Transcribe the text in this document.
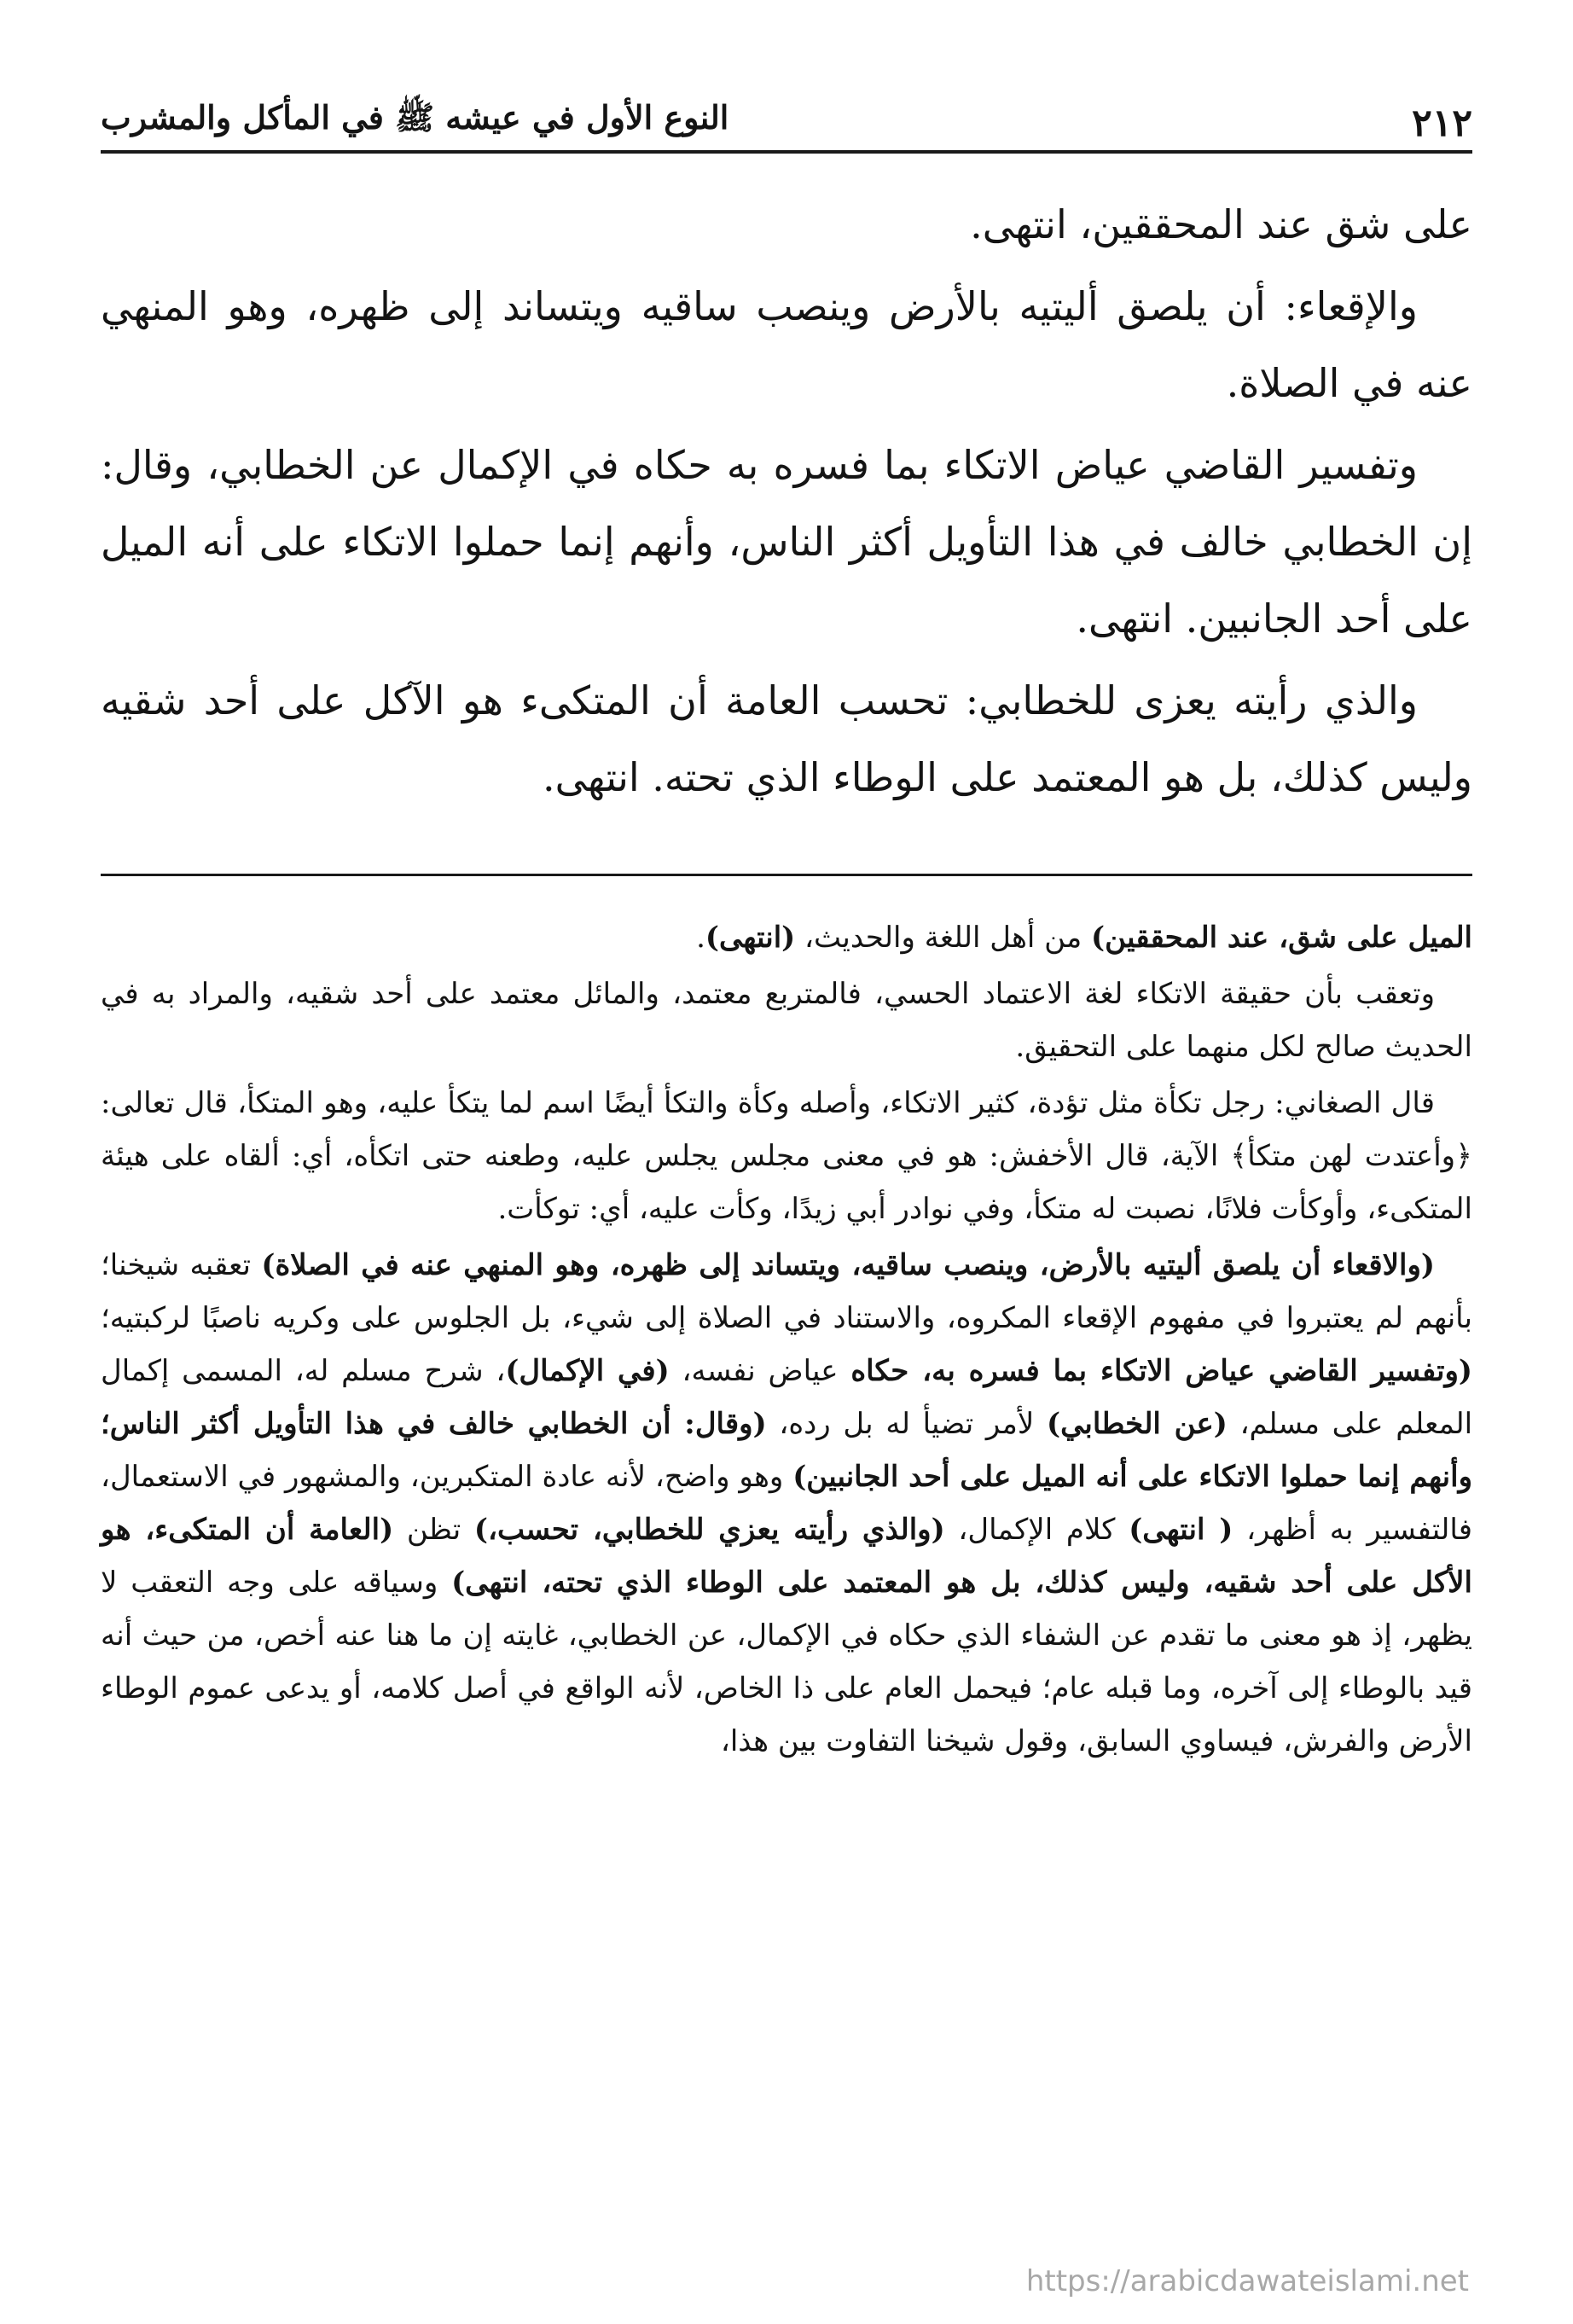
٢١٢
النوع الأول في عيشه ﷺ في المأكل والمشرب

على شق عند المحققين، انتهى.

والإقعاء: أن يلصق أليتيه بالأرض وينصب ساقيه ويتساند إلى ظهره، وهو المنهي عنه في الصلاة.

وتفسير القاضي عياض الاتكاء بما فسره به حكاه في الإكمال عن الخطابي، وقال: إن الخطابي خالف في هذا التأويل أكثر الناس، وأنهم إنما حملوا الاتكاء على أنه الميل على أحد الجانبين. انتهى.

والذي رأيته يعزى للخطابي: تحسب العامة أن المتكىء هو الآكل على أحد شقيه وليس كذلك، بل هو المعتمد على الوطاء الذي تحته. انتهى.

الميل على شق، عند المحققين) من أهل اللغة والحديث، (انتهى).

وتعقب بأن حقيقة الاتكاء لغة الاعتماد الحسي، فالمتربع معتمد، والمائل معتمد على أحد شقيه، والمراد به في الحديث صالح لكل منهما على التحقيق.

قال الصغاني: رجل تكأة مثل تؤدة، كثير الاتكاء، وأصله وكأة والتكأ أيضًا اسم لما يتكأ عليه، وهو المتكأ، قال تعالى: ﴿وأعتدت لهن متكأ﴾ الآية، قال الأخفش: هو في معنى مجلس يجلس عليه، وطعنه حتى اتكأه، أي: ألقاه على هيئة المتكىء، وأوكأت فلانًا، نصبت له متكأ، وفي نوادر أبي زيدًا، وكأت عليه، أي: توكأت.

(والاقعاء أن يلصق أليتيه بالأرض، وينصب ساقيه، ويتساند إلى ظهره، وهو المنهي عنه في الصلاة) تعقبه شيخنا؛ بأنهم لم يعتبروا في مفهوم الإقعاء المكروه، والاستناد في الصلاة إلى شيء، بل الجلوس على وكريه ناصبًا لركبتيه؛ (وتفسير القاضي عياض الاتكاء بما فسره به، حكاه عياض نفسه، (في الإكمال)، شرح مسلم له، المسمى إكمال المعلم على مسلم، (عن الخطابي) لأمر تضيأ له بل رده، (وقال: أن الخطابي خالف في هذا التأويل أكثر الناس؛ وأنهم إنما حملوا الاتكاء على أنه الميل على أحد الجانبين) وهو واضح، لأنه عادة المتكبرين، والمشهور في الاستعمال، فالتفسير به أظهر، ( انتهى) كلام الإكمال، (والذي رأيته يعزي للخطابي، تحسب،) تظن (العامة أن المتكىء، هو الأكل على أحد شقيه، وليس كذلك، بل هو المعتمد على الوطاء الذي تحته، انتهى) وسياقه على وجه التعقب لا يظهر، إذ هو معنى ما تقدم عن الشفاء الذي حكاه في الإكمال، عن الخطابي، غايته إن ما هنا عنه أخص، من حيث أنه قيد بالوطاء إلى آخره، وما قبله عام؛ فيحمل العام على ذا الخاص، لأنه الواقع في أصل كلامه، أو يدعى عموم الوطاء الأرض والفرش، فيساوي السابق، وقول شيخنا التفاوت بين هذا،

https://arabicdawateislami.net
